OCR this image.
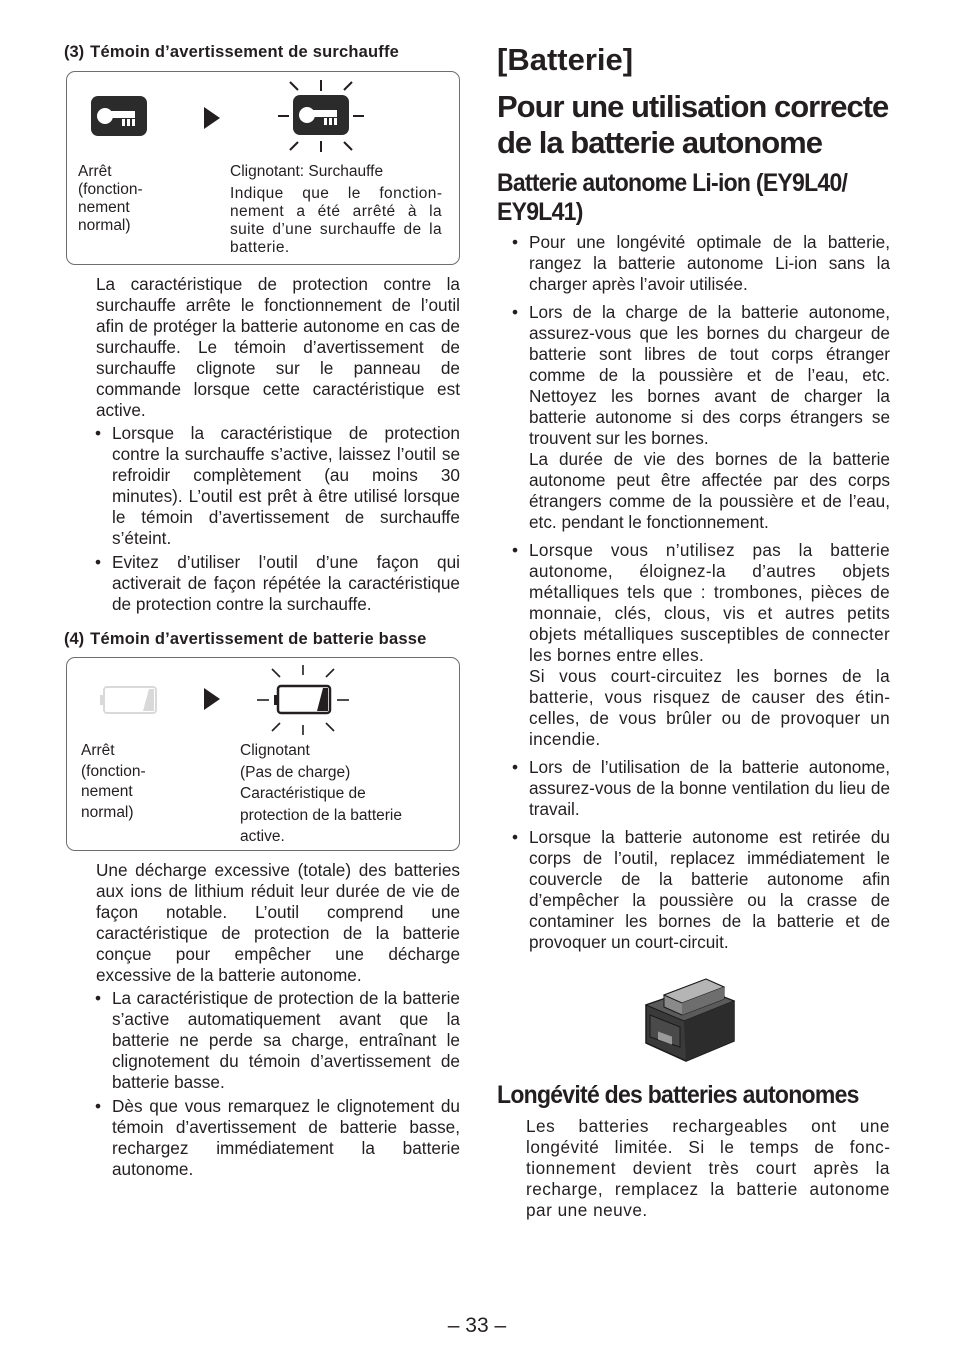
(3) Témoin d’avertissement de surchauffe
Arrêt
(fonction-
nement
normal)
Clignotant: Surchauffe
Indique que le fonctionnement a été arrêté à la suite d’une surchauffe de la batterie.
La caractéristique de protection contre la surchauffe arrête le fonctionnement de l’outil afin de protéger la batterie autonome en cas de surchauffe. Le témoin d’avertissement de surchauffe clignote sur le panneau de commande lorsque cette caractéristique est active.
• Lorsque la caractéristique de protection contre la surchauffe s’active, laissez l’outil se refroidir complètement (au moins 30 minutes). L’outil est prêt à être utilisé lorsque le témoin d’avertissement de surchauffe s’éteint.
• Evitez d’utiliser l’outil d’une façon qui activerait de façon répétée la caractéristique de protection contre la surchauffe.
(4) Témoin d’avertissement de batterie basse
Arrêt
(fonction-
nement
normal)
Clignotant
(Pas de charge)
Caractéristique de
protection de la batterie
active.
Une décharge excessive (totale) des batteries aux ions de lithium réduit leur durée de vie de façon notable. L’outil comprend une caractéristique de protection de la batterie conçue pour empêcher une décharge excessive de la batterie autonome.
• La caractéristique de protection de la batterie s’active automatiquement avant que la batterie ne perde sa charge, entraînant le clignotement du témoin d’avertissement de batterie basse.
• Dès que vous remarquez le clignotement du témoin d’avertissement de batterie basse, rechargez immédiatement la batterie autonome.
[Batterie]
Pour une utilisation correcte de la batterie autonome
Batterie autonome Li-ion (EY9L40/ EY9L41)
• Pour une longévité optimale de la batterie, rangez la batterie autonome Li-ion sans la charger après l’avoir utilisée.
• Lors de la charge de la batterie autonome, assurez-vous que les bornes du chargeur de batterie sont libres de tout corps étranger comme de la poussière et de l’eau, etc. Nettoyez les bornes avant de charger la batterie autonome si des corps étrangers se trouvent sur les bornes.
La durée de vie des bornes de la batterie autonome peut être affectée par des corps étrangers comme de la poussière et de l’eau, etc. pendant le fonctionnement.
• Lorsque vous n’utilisez pas la batterie autonome, éloignez-la d’autres objets métalliques tels que : trombones, pièces de monnaie, clés, clous, vis et autres petits objets métalliques susceptibles de connecter les bornes entre elles.
Si vous court-circuitez les bornes de la batterie, vous risquez de causer des étincelles, de vous brûler ou de provoquer un incendie.
• Lors de l’utilisation de la batterie autonome, assurez-vous de la bonne ventilation du lieu de travail.
• Lorsque la batterie autonome est retirée du corps de l’outil, replacez immédiatement le couvercle de la batterie autonome afin d’empêcher la poussière ou la crasse de contaminer les bornes de la batterie et de provoquer un court-circuit.
Longévité des batteries autonomes
Les batteries rechargeables ont une longévité limitée. Si le temps de fonctionnement devient très court après la recharge, remplacez la batterie autonome par une neuve.
– 33 –
